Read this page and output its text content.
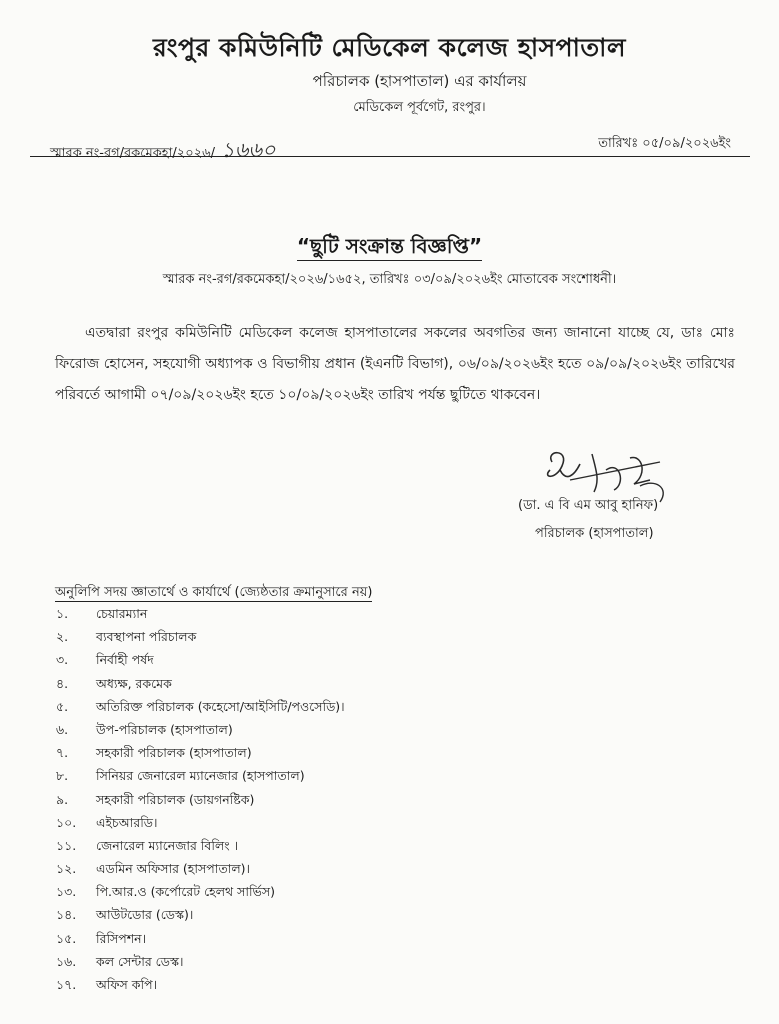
রংপুর কমিউনিটি মেডিকেল কলেজ হাসপাতাল
পরিচালক (হাসপাতাল) এর কার্যালয়
মেডিকেল পূর্বগেট, রংপুর।
স্মারক নং-রগ/রকমেকহা/২০২৬/ ১৬৬০	তারিখঃ ০৫/০৯/২০২৬ইং
“ছুটি সংক্রান্ত বিজ্ঞপ্তি”
স্মারক নং-রগ/রকমেকহা/২০২৬/১৬৫২, তারিখঃ ০৩/০৯/২০২৬ইং মোতাবেক সংশোধনী।

এতদ্বারা রংপুর কমিউনিটি মেডিকেল কলেজ হাসপাতালের সকলের অবগতির জন্য জানানো যাচ্ছে যে, ডাঃ মোঃ ফিরোজ হোসেন, সহযোগী অধ্যাপক ও বিভাগীয় প্রধান (ইএনটি বিভাগ), ০৬/০৯/২০২৬ইং হতে ০৯/০৯/২০২৬ইং তারিখের পরিবর্তে আগামী ০৭/০৯/২০২৬ইং হতে ১০/০৯/২০২৬ইং তারিখ পর্যন্ত ছুটিতে থাকবেন।

(ডা. এ বি এম আবু হানিফ)
পরিচালক (হাসপাতাল)
অনুলিপি সদয় জ্ঞাতার্থে ও কার্যার্থে (জ্যেষ্ঠতার ক্রমানুসারে নয়)
১.	চেয়ারম্যান
২.	ব্যবস্থাপনা পরিচালক
৩.	নির্বাহী পর্ষদ
৪.	অধ্যক্ষ, রকমেক
৫.	অতিরিক্ত পরিচালক (কহেসো/আইসিটি/পওসেডি)।
৬.	উপ-পরিচালক (হাসপাতাল)
৭.	সহকারী পরিচালক (হাসপাতাল)
৮.	সিনিয়র জেনারেল ম্যানেজার (হাসপাতাল)
৯.	সহকারী পরিচালক (ডায়গনষ্টিক)
১০.	এইচআরডি।
১১.	জেনারেল ম্যানেজার বিলিং ।
১২.	এডমিন অফিসার (হাসপাতাল)।
১৩.	পি.আর.ও (কর্পোরেট হেলথ সার্ভিস)
১৪.	আউটডোর (ডেস্ক)।
১৫.	রিসিপশন।
১৬.	কল সেন্টার ডেস্ক।
১৭.	অফিস কপি।
